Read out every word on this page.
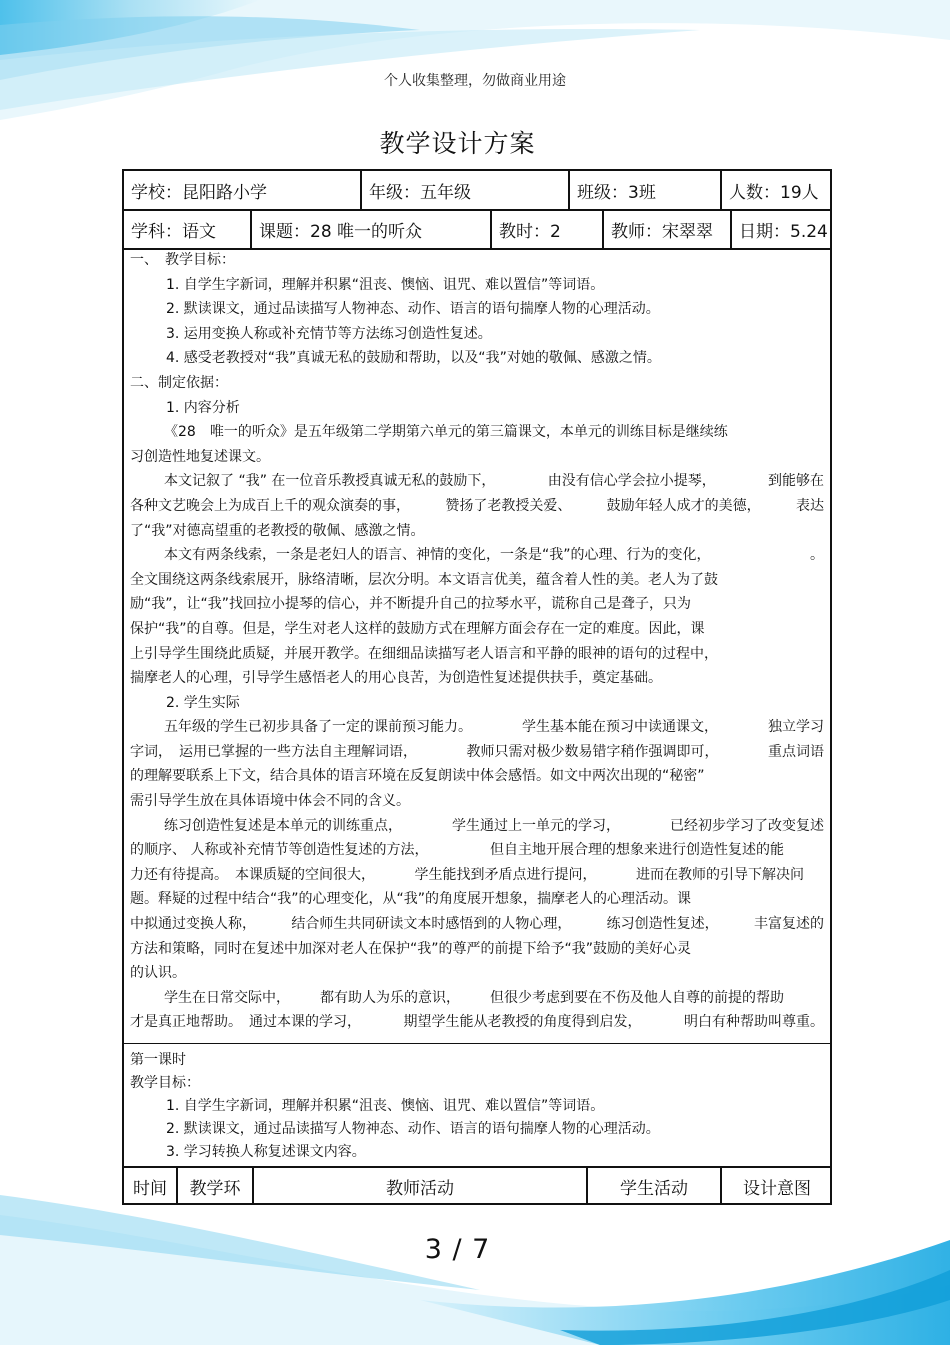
个人收集整理，勿做商业用途
教学设计方案
学校：昆阳路小学	年级：五年级	班级：3班	人数：19人
学科：语文	课题：28 唯一的听众	教时：2	教师：宋翠翠	日期：5.24
一、　教学目标：
1. 自学生字新词，理解并积累“沮丧、懊恼、诅咒、难以置信”等词语。
2. 默读课文，通过品读描写人物神态、动作、语言的语句揣摩人物的心理活动。
3. 运用变换人称或补充情节等方法练习创造性复述。
4. 感受老教授对“我”真诚无私的鼓励和帮助，以及“我”对她的敬佩、感激之情。
二、制定依据：
1. 内容分析
《28　唯一的听众》是五年级第二学期第六单元的第三篇课文，本单元的训练目标是继续练
习创造性地复述课文。
本文记叙了 “我” 在一位音乐教授真诚无私的鼓励下，	由没有信心学会拉小提琴，	到能够在
各种文艺晚会上为成百上千的观众演奏的事，	赞扬了老教授关爱、	鼓励年轻人成才的美德，	表达
了“我”对德高望重的老教授的敬佩、感激之情。
本文有两条线索，一条是老妇人的语言、神情的变化，一条是“我”的心理、行为的变化，	。
全文围绕这两条线索展开，脉络清晰，层次分明。本文语言优美，蕴含着人性的美。老人为了鼓
励“我”，让“我”找回拉小提琴的信心，并不断提升自己的拉琴水平，谎称自己是聋子，只为
保护“我”的自尊。但是，学生对老人这样的鼓励方式在理解方面会存在一定的难度。因此，课
上引导学生围绕此质疑，并展开教学。在细细品读描写老人语言和平静的眼神的语句的过程中，
揣摩老人的心理，引导学生感悟老人的用心良苦，为创造性复述提供扶手，奠定基础。
2. 学生实际
五年级的学生已初步具备了一定的课前预习能力。	学生基本能在预习中读通课文，	独立学习
字词，　运用已掌握的一些方法自主理解词语，	教师只需对极少数易错字稍作强调即可，	重点词语
的理解要联系上下文，结合具体的语言环境在反复朗读中体会感悟。如文中两次出现的“秘密”
需引导学生放在具体语境中体会不同的含义。
练习创造性复述是本单元的训练重点，	学生通过上一单元的学习，	已经初步学习了改变复述
的顺序、 人称或补充情节等创造性复述的方法，	但自主地开展合理的想象来进行创造性复述的能
力还有待提高。　本课质疑的空间很大，	学生能找到矛盾点进行提问，	进而在教师的引导下解决问
题。释疑的过程中结合“我”的心理变化，从“我”的角度展开想象，揣摩老人的心理活动。课
中拟通过变换人称，	结合师生共同研读文本时感悟到的人物心理，	练习创造性复述，	丰富复述的
方法和策略，同时在复述中加深对老人在保护“我”的尊严的前提下给予“我”鼓励的美好心灵
的认识。
学生在日常交际中， 都有助人为乐的意识， 但很少考虑到要在不伤及他人自尊的前提的帮助
才是真正地帮助。　通过本课的学习，	期望学生能从老教授的角度得到启发，	明白有种帮助叫尊重。
第一课时
教学目标：
1. 自学生字新词，理解并积累“沮丧、懊恼、诅咒、难以置信”等词语。
2. 默读课文，通过品读描写人物神态、动作、语言的语句揣摩人物的心理活动。
3. 学习转换人称复述课文内容。
时间	教学环	教师活动	学生活动	设计意图
3 / 7
